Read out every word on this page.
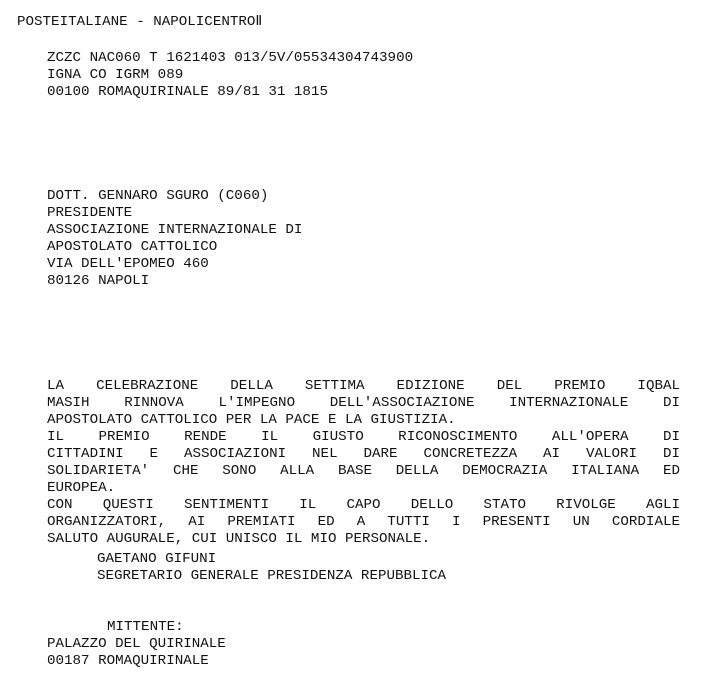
POSTEITALIANE - NAPOLICENTROⅡ
ZCZC NAC060 T 1621403 013/5V/05534304743900
IGNA CO IGRM 089
00100 ROMAQUIRINALE 89/81 31 1815
DOTT. GENNARO SGURO (C060)
PRESIDENTE
ASSOCIAZIONE INTERNAZIONALE DI
APOSTOLATO CATTOLICO
VIA DELL'EPOMEO 460
80126 NAPOLI
LA CELEBRAZIONE DELLA SETTIMA EDIZIONE DEL PREMIO IQBAL
MASIH RINNOVA L'IMPEGNO DELL'ASSOCIAZIONE INTERNAZIONALE DI
APOSTOLATO CATTOLICO PER LA PACE E LA GIUSTIZIA.
IL PREMIO RENDE IL GIUSTO RICONOSCIMENTO ALL'OPERA DI
CITTADINI E ASSOCIAZIONI NEL DARE CONCRETEZZA AI VALORI DI
SOLIDARIETA' CHE SONO ALLA BASE DELLA DEMOCRAZIA ITALIANA ED
EUROPEA.
CON QUESTI SENTIMENTI IL CAPO DELLO STATO RIVOLGE AGLI
ORGANIZZATORI, AI PREMIATI ED A TUTTI I PRESENTI UN CORDIALE
SALUTO AUGURALE, CUI UNISCO IL MIO PERSONALE.
GAETANO GIFUNI
SEGRETARIO GENERALE PRESIDENZA REPUBBLICA
MITTENTE:
PALAZZO DEL QUIRINALE
00187 ROMAQUIRINALE
